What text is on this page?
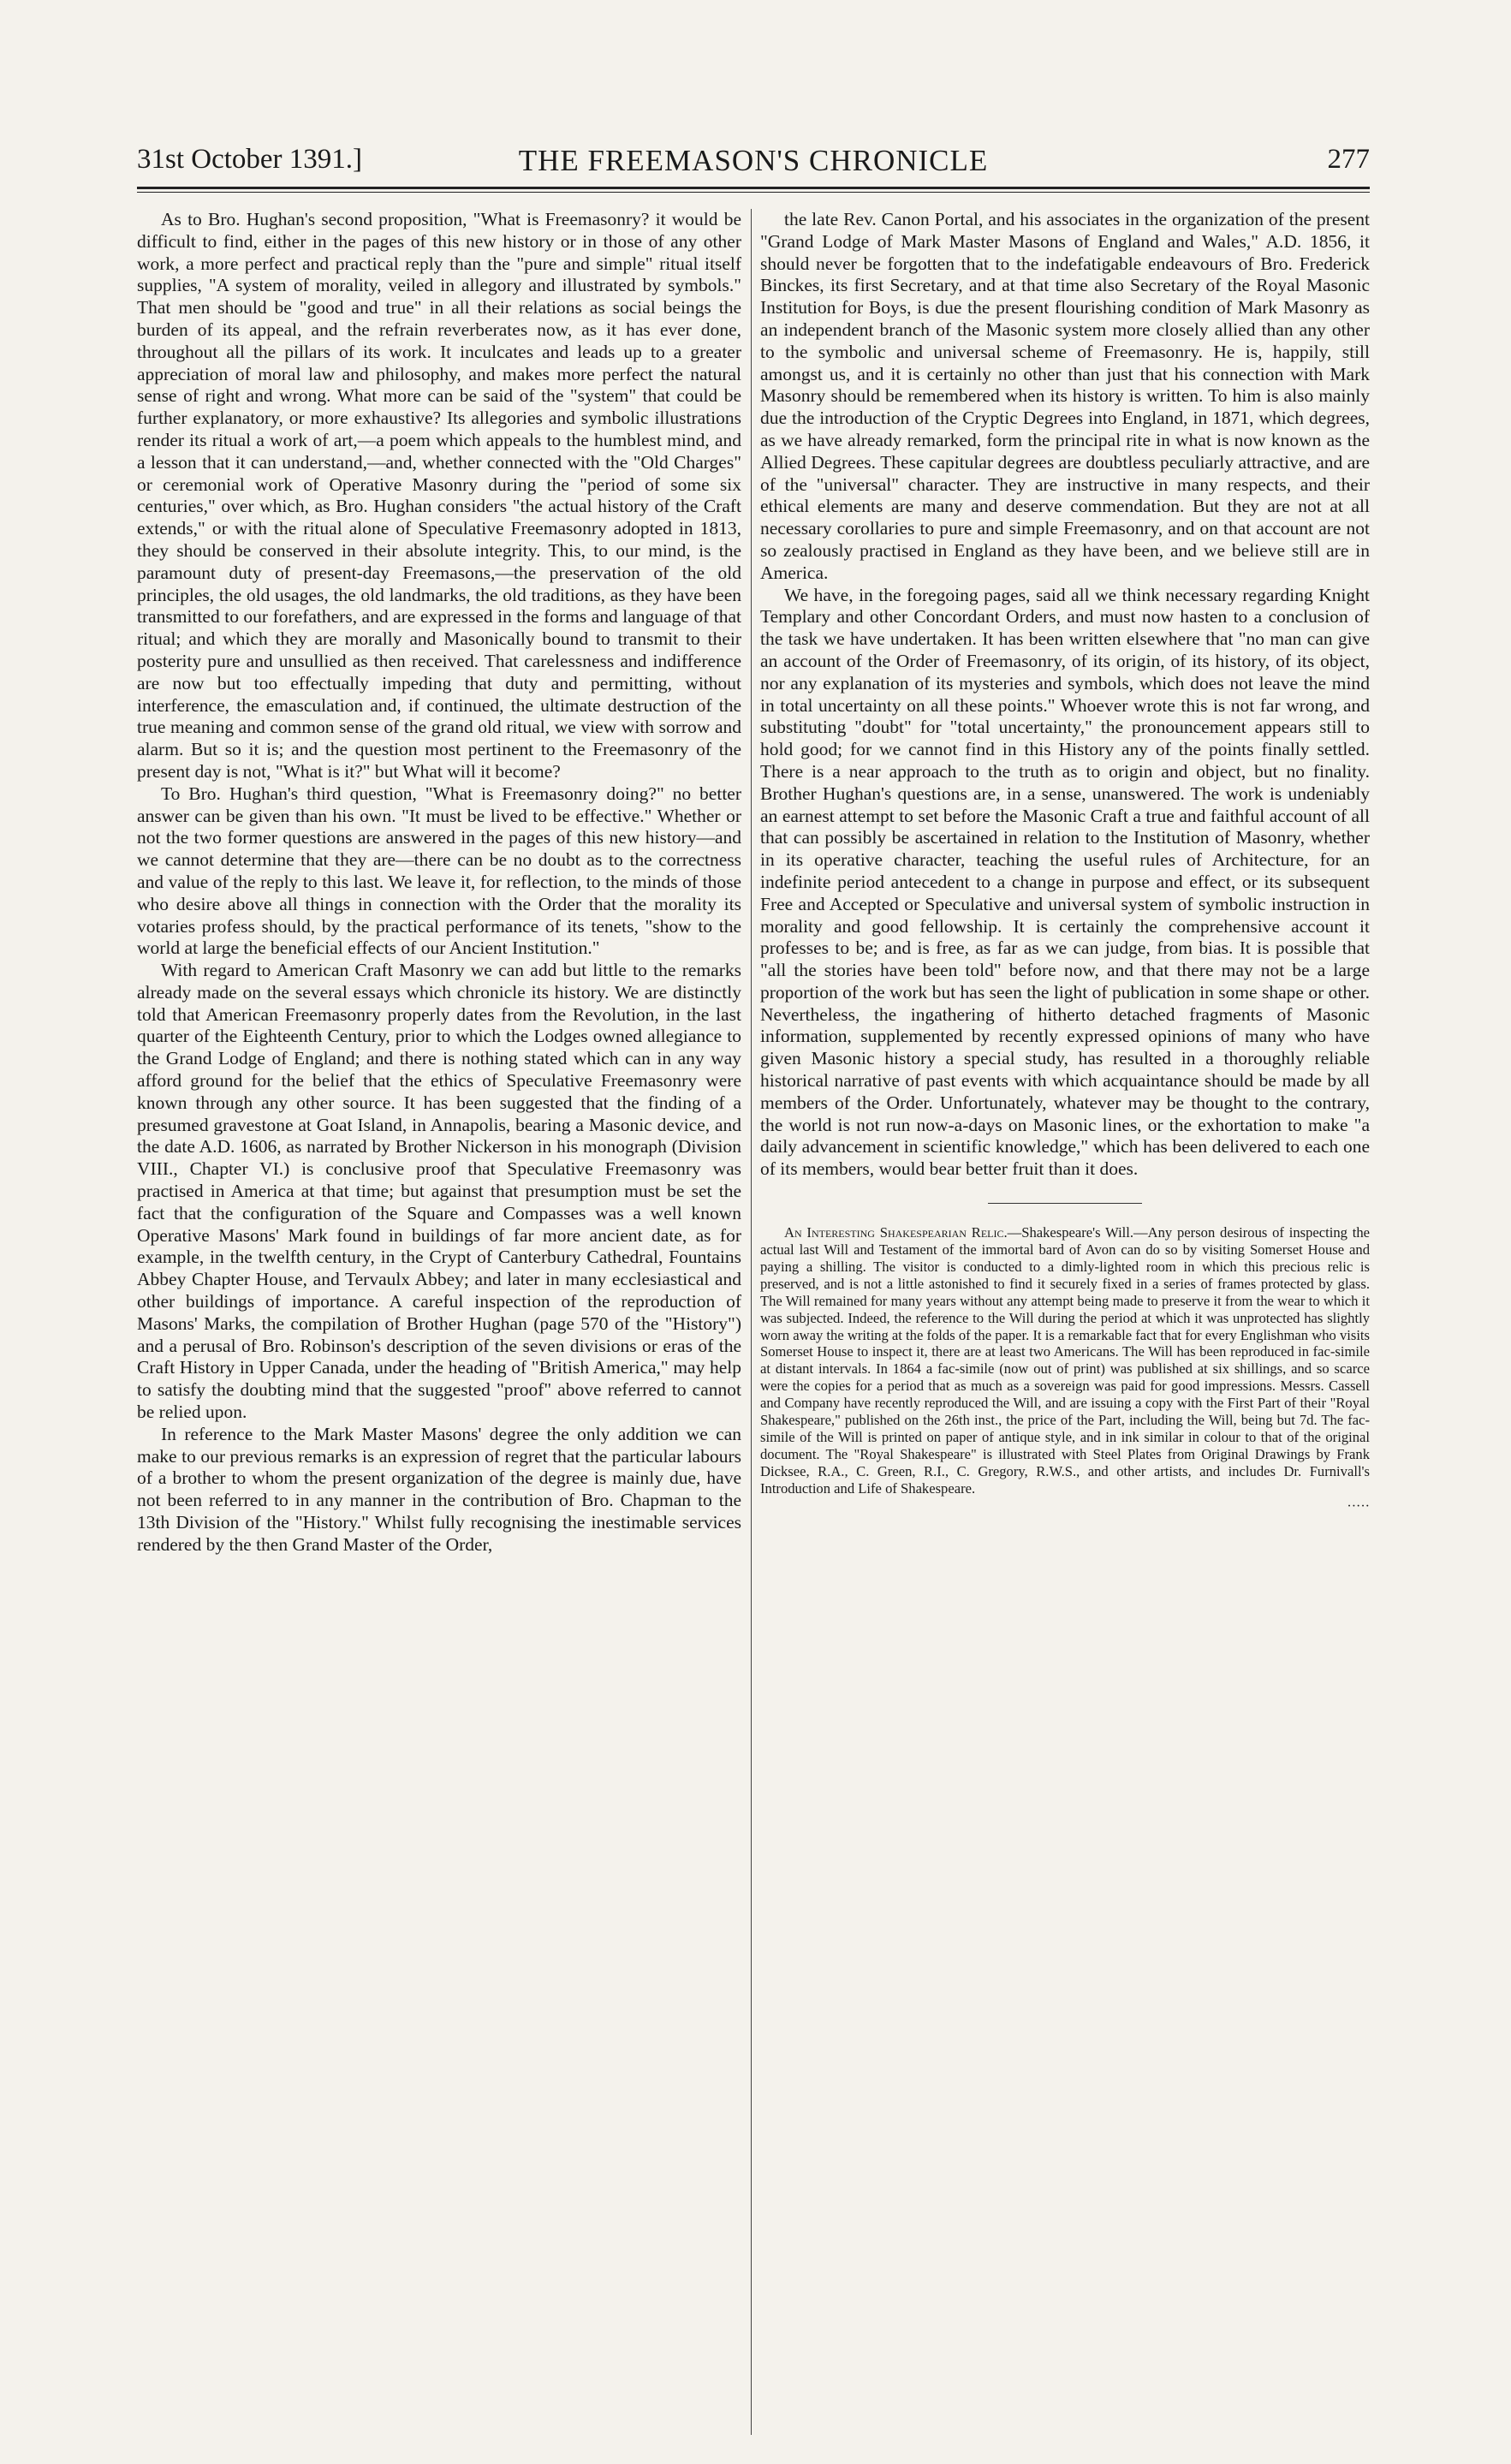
31st October 1391.]	THE FREEMASON'S CHRONICLE	277

As to Bro. Hughan's second proposition, "What is Freemasonry? it would be difficult to find, either in the pages of this new history or in those of any other work, a more perfect and practical reply than the "pure and simple" ritual itself supplies, "A system of morality, veiled in allegory and illustrated by symbols." That men should be "good and true" in all their relations as social beings the burden of its appeal, and the refrain reverberates now, as it has ever done, throughout all the pillars of its work. It inculcates and leads up to a greater appreciation of moral law and philosophy, and makes more perfect the natural sense of right and wrong. What more can be said of the "system" that could be further explanatory, or more exhaustive? Its allegories and symbolic illustrations render its ritual a work of art,—a poem which appeals to the humblest mind, and a lesson that it can understand,—and, whether connected with the "Old Charges" or ceremonial work of Operative Masonry during the "period of some six centuries," over which, as Bro. Hughan considers "the actual history of the Craft extends," or with the ritual alone of Speculative Freemasonry adopted in 1813, they should be conserved in their absolute integrity. This, to our mind, is the paramount duty of present-day Freemasons,—the preservation of the old principles, the old usages, the old landmarks, the old traditions, as they have been transmitted to our forefathers, and are expressed in the forms and language of that ritual; and which they are morally and Masonically bound to transmit to their posterity pure and unsullied as then received. That carelessness and indifference are now but too effectually impeding that duty and permitting, without interference, the emasculation and, if continued, the ultimate destruction of the true meaning and common sense of the grand old ritual, we view with sorrow and alarm. But so it is; and the question most pertinent to the Freemasonry of the present day is not, "What is it?" but What will it become?

To Bro. Hughan's third question, "What is Freemasonry doing?" no better answer can be given than his own. "It must be lived to be effective." Whether or not the two former questions are answered in the pages of this new history—and we cannot determine that they are—there can be no doubt as to the correctness and value of the reply to this last. We leave it, for reflection, to the minds of those who desire above all things in connection with the Order that the morality its votaries profess should, by the practical performance of its tenets, "show to the world at large the beneficial effects of our Ancient Institution."

With regard to American Craft Masonry we can add but little to the remarks already made on the several essays which chronicle its history. We are distinctly told that American Freemasonry properly dates from the Revolution, in the last quarter of the Eighteenth Century, prior to which the Lodges owned allegiance to the Grand Lodge of England; and there is nothing stated which can in any way afford ground for the belief that the ethics of Speculative Freemasonry were known through any other source. It has been suggested that the finding of a presumed gravestone at Goat Island, in Annapolis, bearing a Masonic device, and the date A.D. 1606, as narrated by Brother Nickerson in his monograph (Division VIII., Chapter VI.) is conclusive proof that Speculative Freemasonry was practised in America at that time; but against that presumption must be set the fact that the configuration of the Square and Compasses was a well known Operative Masons' Mark found in buildings of far more ancient date, as for example, in the twelfth century, in the Crypt of Canterbury Cathedral, Fountains Abbey Chapter House, and Tervaulx Abbey; and later in many ecclesiastical and other buildings of importance. A careful inspection of the reproduction of Masons' Marks, the compilation of Brother Hughan (page 570 of the "History") and a perusal of Bro. Robinson's description of the seven divisions or eras of the Craft History in Upper Canada, under the heading of "British America," may help to satisfy the doubting mind that the suggested "proof" above referred to cannot be relied upon.

In reference to the Mark Master Masons' degree the only addition we can make to our previous remarks is an expression of regret that the particular labours of a brother to whom the present organization of the degree is mainly due, have not been referred to in any manner in the contribution of Bro. Chapman to the 13th Division of the "History." Whilst fully recognising the inestimable services rendered by the then Grand Master of the Order,

the late Rev. Canon Portal, and his associates in the organization of the present "Grand Lodge of Mark Master Masons of England and Wales," A.D. 1856, it should never be forgotten that to the indefatigable endeavours of Bro. Frederick Binckes, its first Secretary, and at that time also Secretary of the Royal Masonic Institution for Boys, is due the present flourishing condition of Mark Masonry as an independent branch of the Masonic system more closely allied than any other to the symbolic and universal scheme of Freemasonry. He is, happily, still amongst us, and it is certainly no other than just that his connection with Mark Masonry should be remembered when its history is written. To him is also mainly due the introduction of the Cryptic Degrees into England, in 1871, which degrees, as we have already remarked, form the principal rite in what is now known as the Allied Degrees. These capitular degrees are doubtless peculiarly attractive, and are of the "universal" character. They are instructive in many respects, and their ethical elements are many and deserve commendation. But they are not at all necessary corollaries to pure and simple Freemasonry, and on that account are not so zealously practised in England as they have been, and we believe still are in America.

We have, in the foregoing pages, said all we think necessary regarding Knight Templary and other Concordant Orders, and must now hasten to a conclusion of the task we have undertaken. It has been written elsewhere that "no man can give an account of the Order of Freemasonry, of its origin, of its history, of its object, nor any explanation of its mysteries and symbols, which does not leave the mind in total uncertainty on all these points." Whoever wrote this is not far wrong, and substituting "doubt" for "total uncertainty," the pronouncement appears still to hold good; for we cannot find in this History any of the points finally settled. There is a near approach to the truth as to origin and object, but no finality. Brother Hughan's questions are, in a sense, unanswered. The work is undeniably an earnest attempt to set before the Masonic Craft a true and faithful account of all that can possibly be ascertained in relation to the Institution of Masonry, whether in its operative character, teaching the useful rules of Architecture, for an indefinite period antecedent to a change in purpose and effect, or its subsequent Free and Accepted or Speculative and universal system of symbolic instruction in morality and good fellowship. It is certainly the comprehensive account it professes to be; and is free, as far as we can judge, from bias. It is possible that "all the stories have been told" before now, and that there may not be a large proportion of the work but has seen the light of publication in some shape or other. Nevertheless, the ingathering of hitherto detached fragments of Masonic information, supplemented by recently expressed opinions of many who have given Masonic history a special study, has resulted in a thoroughly reliable historical narrative of past events with which acquaintance should be made by all members of the Order. Unfortunately, whatever may be thought to the contrary, the world is not run now-a-days on Masonic lines, or the exhortation to make "a daily advancement in scientific knowledge," which has been delivered to each one of its members, would bear better fruit than it does.

An Interesting Shakespearian Relic.—Shakespeare's Will.—Any person desirous of inspecting the actual last Will and Testament of the immortal bard of Avon can do so by visiting Somerset House and paying a shilling. The visitor is conducted to a dimly-lighted room in which this precious relic is preserved, and is not a little astonished to find it securely fixed in a series of frames protected by glass. The Will remained for many years without any attempt being made to preserve it from the wear to which it was subjected. Indeed, the reference to the Will during the period at which it was unprotected has slightly worn away the writing at the folds of the paper. It is a remarkable fact that for every Englishman who visits Somerset House to inspect it, there are at least two Americans. The Will has been reproduced in fac-simile at distant intervals. In 1864 a fac-simile (now out of print) was published at six shillings, and so scarce were the copies for a period that as much as a sovereign was paid for good impressions. Messrs. Cassell and Company have recently reproduced the Will, and are issuing a copy with the First Part of their "Royal Shakespeare," published on the 26th inst., the price of the Part, including the Will, being but 7d. The fac-simile of the Will is printed on paper of antique style, and in ink similar in colour to that of the original document. The "Royal Shakespeare" is illustrated with Steel Plates from Original Drawings by Frank Dicksee, R.A., C. Green, R.I., C. Gregory, R.W.S., and other artists, and includes Dr. Furnivall's Introduction and Life of Shakespeare.

·····
